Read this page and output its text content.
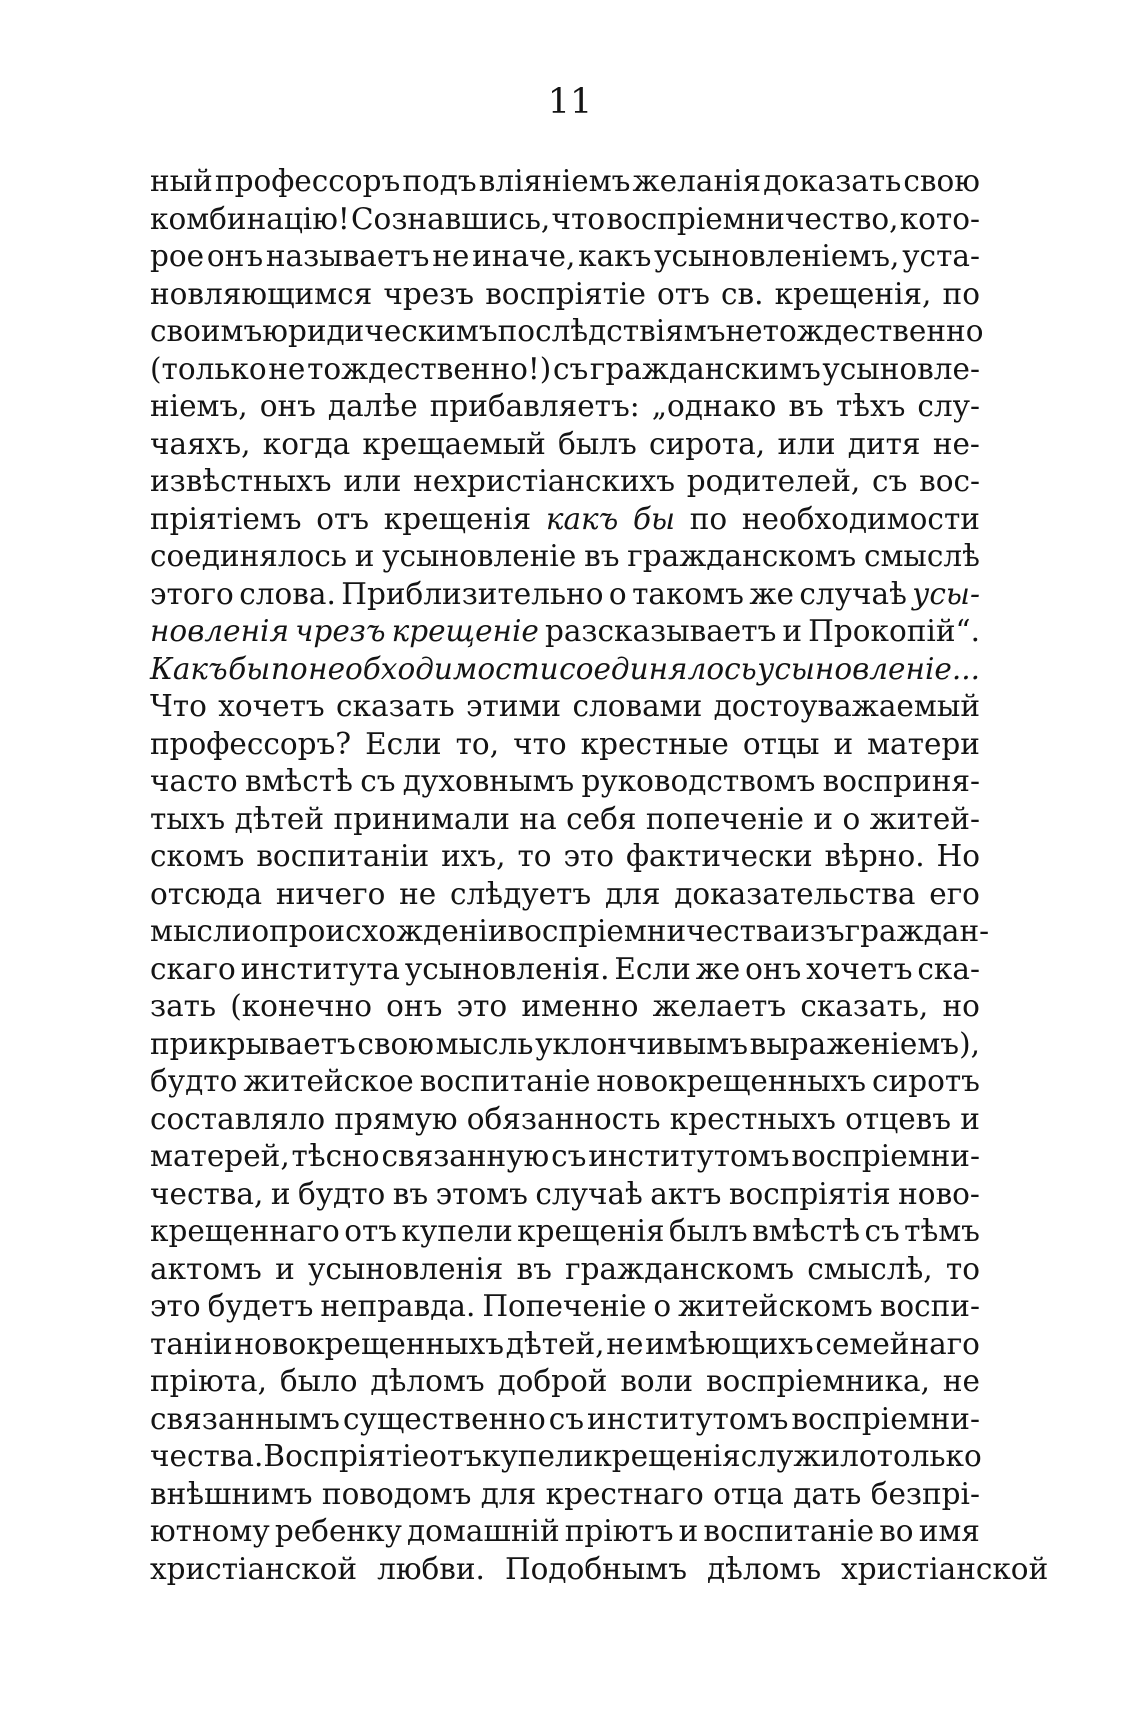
11
ный профессоръ подъ вліяніемъ желанія доказать свою
комбинацію! Сознавшись, что воспріемничество, кото-
рое онъ называетъ не иначе, какъ усыновленіемъ, уста-
новляющимся чрезъ воспріятіе отъ св. крещенія, по
своимъ юридическимъ послѣдствіямъ не тождественно
(только не тождественно!) съ гражданскимъ усыновле-
ніемъ, онъ далѣе прибавляетъ: „однако въ тѣхъ слу-
чаяхъ, когда крещаемый былъ сирота, или дитя не-
извѣстныхъ или нехристіанскихъ родителей, съ вос-
пріятіемъ отъ крещенія какъ бы по необходимости
соединялось и усыновленіе въ гражданскомъ смыслѣ
этого слова. Приблизительно о такомъ же случаѣ усы-
новленія чрезъ крещеніе разсказываетъ и Прокопій“.
Какъ бы по необходимости соединялось усыновленіе...
Что хочетъ сказать этими словами достоуважаемый
профессоръ? Если то, что крестные отцы и матери
часто вмѣстѣ съ духовнымъ руководствомъ восприня-
тыхъ дѣтей принимали на себя попеченіе и о житей-
скомъ воспитаніи ихъ, то это фактически вѣрно. Но
отсюда ничего не слѣдуетъ для доказательства его
мысли о происхожденіи воспріемничества изъ граждан-
скаго института усыновленія. Если же онъ хочетъ ска-
зать (конечно онъ это именно желаетъ сказать, но
прикрываетъ свою мысль уклончивымъ выраженіемъ),
будто житейское воспитаніе новокрещенныхъ сиротъ
составляло прямую обязанность крестныхъ отцевъ и
матерей, тѣсно связанную съ институтомъ воспріемни-
чества, и будто въ этомъ случаѣ актъ воспріятія ново-
крещеннаго отъ купели крещенія былъ вмѣстѣ съ тѣмъ
актомъ и усыновленія въ гражданскомъ смыслѣ, то
это будетъ неправда. Попеченіе о житейскомъ воспи-
таніи новокрещенныхъ дѣтей, не имѣющихъ семейнаго
пріюта, было дѣломъ доброй воли воспріемника, не
связаннымъ существенно съ институтомъ воспріемни-
чества. Воспріятіе отъ купели крещенія служило только
внѣшнимъ поводомъ для крестнаго отца дать безпрі-
ютному ребенку домашній пріютъ и воспитаніе во имя
христіанской любви. Подобнымъ дѣломъ христіанской
